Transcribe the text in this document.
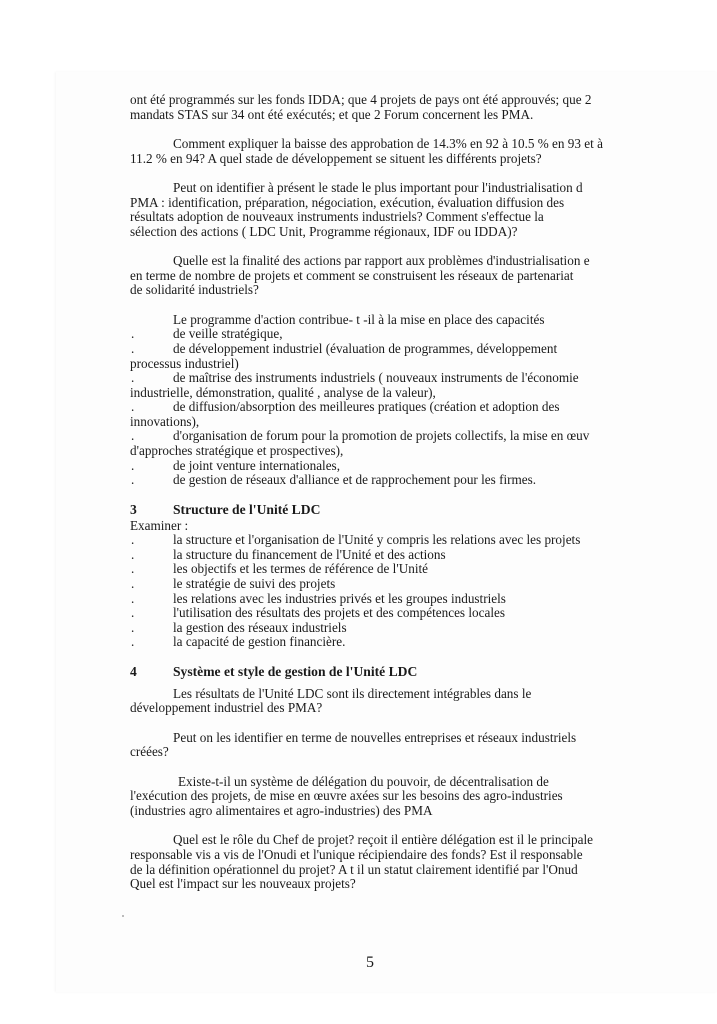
ont été programmés sur les fonds IDDA; que 4 projets de pays ont été approuvés; que 2
mandats STAS sur 34 ont été exécutés; et que 2 Forum concernent les PMA.
Comment expliquer la baisse des approbation de 14.3% en 92 à 10.5 % en 93 et à
11.2 % en 94? A quel stade de développement se situent les différents projets?
Peut on identifier à présent le stade le plus important pour l'industrialisation d
PMA : identification, préparation, négociation, exécution, évaluation diffusion des
résultats adoption de nouveaux instruments industriels? Comment s'effectue la
sélection des actions ( LDC Unit, Programme régionaux, IDF ou IDDA)?
Quelle est la finalité des actions par rapport aux problèmes d'industrialisation e
en terme de nombre de projets et comment se construisent les réseaux de partenariat
de solidarité industriels?
Le programme d'action contribue- t -il à la mise en place des capacités
.	de veille stratégique,
.	de développement industriel (évaluation de programmes, développement
processus industriel)
.	de maîtrise des instruments industriels ( nouveaux instruments de l'économie
industrielle, démonstration, qualité , analyse de la valeur),
.	de diffusion/absorption des meilleures pratiques (création et adoption des
innovations),
.	d'organisation de forum pour la promotion de projets collectifs, la mise en œuv
d'approches stratégique et prospectives),
.	de joint venture internationales,
.	de gestion de réseaux d'alliance et de rapprochement pour les firmes.
3	Structure de l'Unité LDC
Examiner :
.	la structure et l'organisation de l'Unité y compris les relations avec les projets
.	la structure du financement de l'Unité et des actions
.	les objectifs et les termes de référence de l'Unité
.	le stratégie de suivi des projets
.	les relations avec les industries privés et les groupes industriels
.	l'utilisation des résultats des projets et des compétences locales
.	la gestion des réseaux industriels
.	la capacité de gestion financière.
4	Système et style de gestion de l'Unité LDC
Les résultats de l'Unité LDC sont ils directement intégrables dans le
développement industriel des PMA?
Peut on les identifier en terme de nouvelles entreprises et réseaux industriels
créées?
Existe-t-il un système de délégation du pouvoir, de décentralisation de
l'exécution des projets, de mise en œuvre axées sur les besoins des agro-industries
(industries agro alimentaires et agro-industries) des PMA
Quel est le rôle du Chef de projet? reçoit il entière délégation est il le principale
responsable vis a vis de l'Onudi et l'unique récipiendaire des fonds? Est il responsable
de la définition opérationnel du projet? A t il un statut clairement identifié par l'Onud
Quel est l'impact sur les nouveaux projets?
5
